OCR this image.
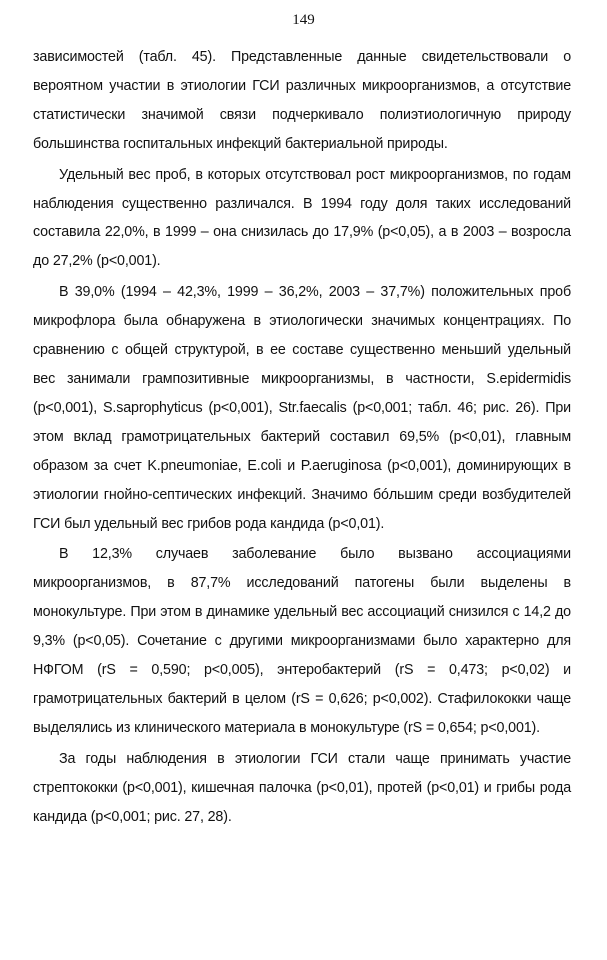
149

зависимостей (табл. 45). Представленные данные свидетельствовали о вероятном участии в этиологии ГСИ различных микроорганизмов, а отсутствие статистически значимой связи подчеркивало полиэтиологичную природу большинства госпитальных инфекций бактериальной природы.

Удельный вес проб, в которых отсутствовал рост микроорганизмов, по годам наблюдения существенно различался. В 1994 году доля таких исследований составила 22,0%, в 1999 – она снизилась до 17,9% (p<0,05), а в 2003 – возросла до 27,2% (p<0,001).

В 39,0% (1994 – 42,3%, 1999 – 36,2%, 2003 – 37,7%) положительных проб микрофлора была обнаружена в этиологически значимых концентрациях. По сравнению с общей структурой, в ее составе существенно меньший удельный вес занимали грампозитивные микроорганизмы, в частности, S.epidermidis (p<0,001), S.saprophyticus (p<0,001), Str.faecalis (p<0,001; табл. 46; рис. 26). При этом вклад грамотрицательных бактерий составил 69,5% (p<0,01), главным образом за счет K.pneumoniae, E.coli и P.aeruginosa (p<0,001), доминирующих в этиологии гнойно-септических инфекций. Значимо бóльшим среди возбудителей ГСИ был удельный вес грибов рода кандида (p<0,01).

В 12,3% случаев заболевание было вызвано ассоциациями микроорганизмов, в 87,7% исследований патогены были выделены в монокультуре. При этом в динамике удельный вес ассоциаций снизился с 14,2 до 9,3% (p<0,05). Сочетание с другими микроорганизмами было характерно для НФГОМ (rS = 0,590; p<0,005), энтеробактерий (rS = 0,473; p<0,02) и грамотрицательных бактерий в целом (rS = 0,626; p<0,002). Стафилококки чаще выделялись из клинического материала в монокультуре (rS = 0,654; p<0,001).

За годы наблюдения в этиологии ГСИ стали чаще принимать участие стрептококки (p<0,001), кишечная палочка (p<0,01), протей (p<0,01) и грибы рода кандида (p<0,001; рис. 27, 28).
